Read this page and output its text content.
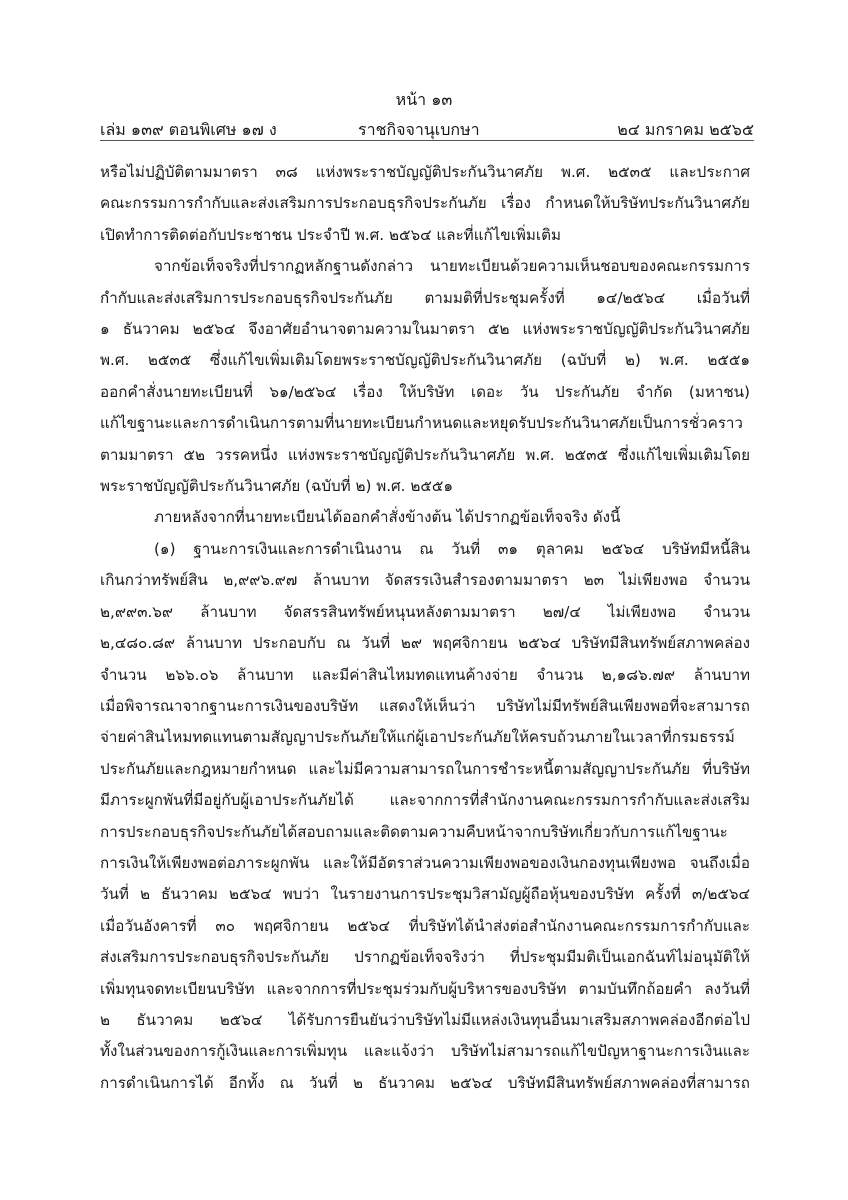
หน้า ๑๓
เล่ม ๑๓๙ ตอนพิเศษ ๑๗ ง	ราชกิจจานุเบกษา	๒๔ มกราคม ๒๕๖๕

หรือไม่ปฏิบัติตามมาตรา ๓๘ แห่งพระราชบัญญัติประกันวินาศภัย พ.ศ. ๒๕๓๕ และประกาศ

คณะกรรมการกำกับและส่งเสริมการประกอบธุรกิจประกันภัย เรื่อง กำหนดให้บริษัทประกันวินาศภัย

เปิดทำการติดต่อกับประชาชน ประจำปี พ.ศ. ๒๕๖๔ และที่แก้ไขเพิ่มเติม

จากข้อเท็จจริงที่ปรากฏหลักฐานดังกล่าว นายทะเบียนด้วยความเห็นชอบของคณะกรรมการ

กำกับและส่งเสริมการประกอบธุรกิจประกันภัย ตามมติที่ประชุมครั้งที่ ๑๔/๒๕๖๔ เมื่อวันที่

๑ ธันวาคม ๒๕๖๔ จึงอาศัยอำนาจตามความในมาตรา ๕๒ แห่งพระราชบัญญัติประกันวินาศภัย

พ.ศ. ๒๕๓๕ ซึ่งแก้ไขเพิ่มเติมโดยพระราชบัญญัติประกันวินาศภัย (ฉบับที่ ๒) พ.ศ. ๒๕๕๑

ออกคำสั่งนายทะเบียนที่ ๖๑/๒๕๖๔ เรื่อง ให้บริษัท เดอะ วัน ประกันภัย จำกัด (มหาชน)

แก้ไขฐานะและการดำเนินการตามที่นายทะเบียนกำหนดและหยุดรับประกันวินาศภัยเป็นการชั่วคราว

ตามมาตรา ๕๒ วรรคหนึ่ง แห่งพระราชบัญญัติประกันวินาศภัย พ.ศ. ๒๕๓๕ ซึ่งแก้ไขเพิ่มเติมโดย

พระราชบัญญัติประกันวินาศภัย (ฉบับที่ ๒) พ.ศ. ๒๕๕๑

ภายหลังจากที่นายทะเบียนได้ออกคำสั่งข้างต้น ได้ปรากฏข้อเท็จจริง ดังนี้

(๑) ฐานะการเงินและการดำเนินงาน ณ วันที่ ๓๑ ตุลาคม ๒๕๖๔ บริษัทมีหนี้สิน

เกินกว่าทรัพย์สิน ๒,๙๙๖.๙๗ ล้านบาท จัดสรรเงินสำรองตามมาตรา ๒๓ ไม่เพียงพอ จำนวน

๒,๙๙๓.๖๙ ล้านบาท จัดสรรสินทรัพย์หนุนหลังตามมาตรา ๒๗/๔ ไม่เพียงพอ จำนวน

๒,๔๘๐.๘๙ ล้านบาท ประกอบกับ ณ วันที่ ๒๙ พฤศจิกายน ๒๕๖๔ บริษัทมีสินทรัพย์สภาพคล่อง

จำนวน ๒๖๖.๐๖ ล้านบาท และมีค่าสินไหมทดแทนค้างจ่าย จำนวน ๒,๑๘๖.๗๙ ล้านบาท

เมื่อพิจารณาจากฐานะการเงินของบริษัท แสดงให้เห็นว่า บริษัทไม่มีทรัพย์สินเพียงพอที่จะสามารถ

จ่ายค่าสินไหมทดแทนตามสัญญาประกันภัยให้แก่ผู้เอาประกันภัยให้ครบถ้วนภายในเวลาที่กรมธรรม์

ประกันภัยและกฎหมายกำหนด และไม่มีความสามารถในการชำระหนี้ตามสัญญาประกันภัย ที่บริษัท

มีภาระผูกพันที่มีอยู่กับผู้เอาประกันภัยได้ และจากการที่สำนักงานคณะกรรมการกำกับและส่งเสริม

การประกอบธุรกิจประกันภัยได้สอบถามและติดตามความคืบหน้าจากบริษัทเกี่ยวกับการแก้ไขฐานะ

การเงินให้เพียงพอต่อภาระผูกพัน และให้มีอัตราส่วนความเพียงพอของเงินกองทุนเพียงพอ จนถึงเมื่อ

วันที่ ๒ ธันวาคม ๒๕๖๔ พบว่า ในรายงานการประชุมวิสามัญผู้ถือหุ้นของบริษัท ครั้งที่ ๓/๒๕๖๔

เมื่อวันอังคารที่ ๓๐ พฤศจิกายน ๒๕๖๔ ที่บริษัทได้นำส่งต่อสำนักงานคณะกรรมการกำกับและ

ส่งเสริมการประกอบธุรกิจประกันภัย ปรากฏข้อเท็จจริงว่า ที่ประชุมมีมติเป็นเอกฉันท์ไม่อนุมัติให้

เพิ่มทุนจดทะเบียนบริษัท และจากการที่ประชุมร่วมกับผู้บริหารของบริษัท ตามบันทึกถ้อยคำ ลงวันที่

๒ ธันวาคม ๒๕๖๔ ได้รับการยืนยันว่าบริษัทไม่มีแหล่งเงินทุนอื่นมาเสริมสภาพคล่องอีกต่อไป

ทั้งในส่วนของการกู้เงินและการเพิ่มทุน และแจ้งว่า บริษัทไม่สามารถแก้ไขปัญหาฐานะการเงินและ

การดำเนินการได้ อีกทั้ง ณ วันที่ ๒ ธันวาคม ๒๕๖๔ บริษัทมีสินทรัพย์สภาพคล่องที่สามารถ
